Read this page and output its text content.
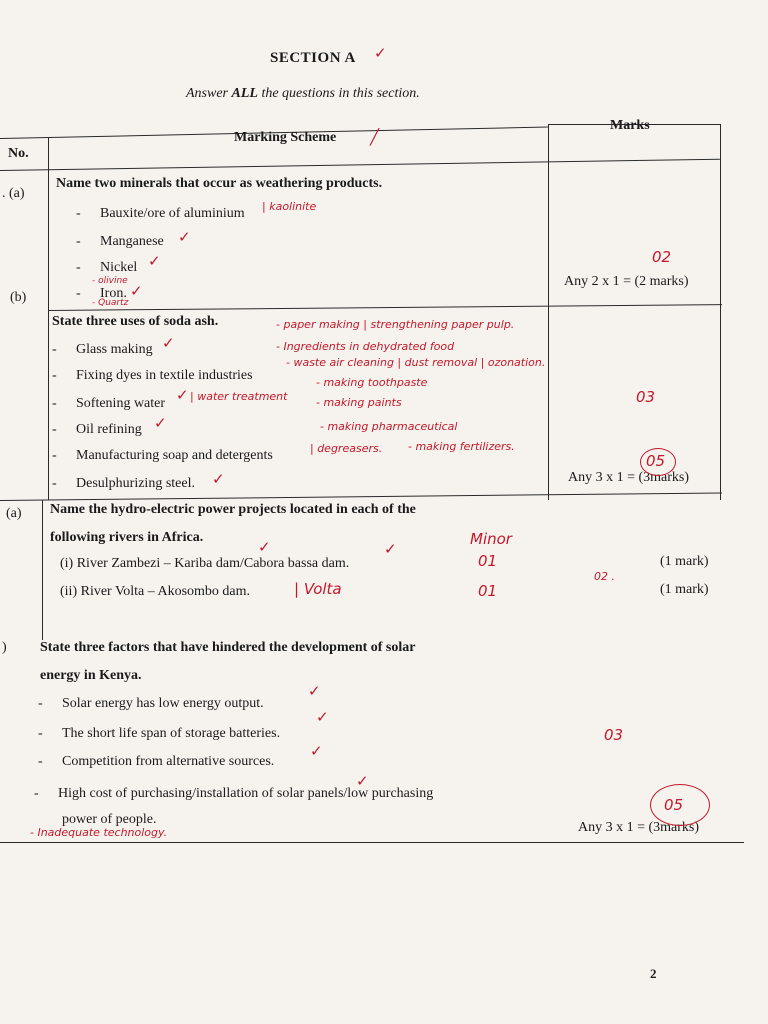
SECTION A
Answer ALL the questions in this section.
No.
Marking Scheme
Marks
. (a)
Name two minerals that occur as weathering products.
- Bauxite/ore of aluminium
- Manganese
- Nickel
- Iron.
Any 2 x 1 = (2 marks)
(b)
State three uses of soda ash.
- Glass making
- Fixing dyes in textile industries
- Softening water
- Oil refining
- Manufacturing soap and detergents
- Desulphurizing steel.	Any 3 x 1 = (3marks)
(a) Name the hydro-electric power projects located in each of the
following rivers in Africa.
(i) River Zambezi – Kariba dam/Cabora bassa dam.
(ii) River Volta – Akosombo dam.
(1 mark)
(1 mark)
) State three factors that have hindered the development of solar
energy in Kenya.
- Solar energy has low energy output.
- The short life span of storage batteries.
- Competition from alternative sources.
- High cost of purchasing/installation of solar panels/low purchasing
power of people.
Any 3 x 1 = (3marks)
| kaolinite
- olivine
- Quartz
- paper making | strengthening paper pulp.
- Ingredients in dehydrated food
- waste air cleaning | dust removal | ozonation.
- making toothpaste
| water treatment	- making paints
- making pharmaceutical
| degreasers. - making fertilizers.
02
03
05
Minor
01
01
| Volta
02 .
03
05
- Inadequate technology.
✓
╱
✓
✓
✓
✓
✓
✓
✓
✓	✓
✓
✓
✓
✓
2
